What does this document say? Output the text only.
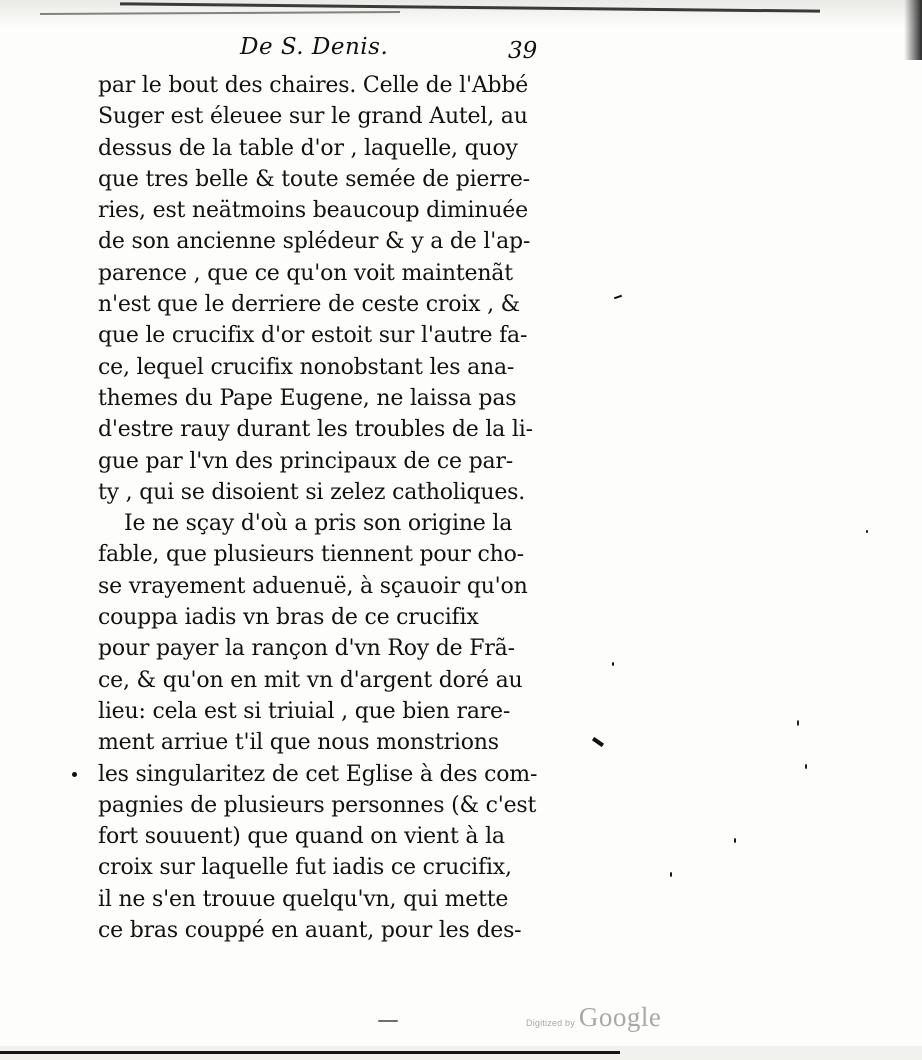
De S. Denis.	39
par le bout des chaires. Celle de l'Abbé
Suger est éleuee sur le grand Autel, au
dessus de la table d'or , laquelle, quoy
que tres belle & toute semée de pierre-
ries, est neätmoins beaucoup diminuée
de son ancienne splédeur & y a de l'ap-
parence , que ce qu'on voit maintenãt
n'est que le derriere de ceste croix , &
que le crucifix d'or estoit sur l'autre fa-
ce, lequel crucifix nonobstant les ana-
themes du Pape Eugene, ne laissa pas
d'estre rauy durant les troubles de la li-
gue par l'vn des principaux de ce par-
ty , qui se disoient si zelez catholiques.
Ie ne sçay d'où a pris son origine la
fable, que plusieurs tiennent pour cho-
se vrayement aduenuë, à sçauoir qu'on
couppa iadis vn bras de ce crucifix
pour payer la rançon d'vn Roy de Frã-
ce, & qu'on en mit vn d'argent doré au
lieu: cela est si triuial , que bien rare-
ment arriue t'il que nous monstrions
les singularitez de cet Eglise à des com-
pagnies de plusieurs personnes (& c'est
fort souuent) que quand on vient à la
croix sur laquelle fut iadis ce crucifix,
il ne s'en trouue quelqu'vn, qui mette
ce bras couppé en auant, pour les des-
Digitized by Google
